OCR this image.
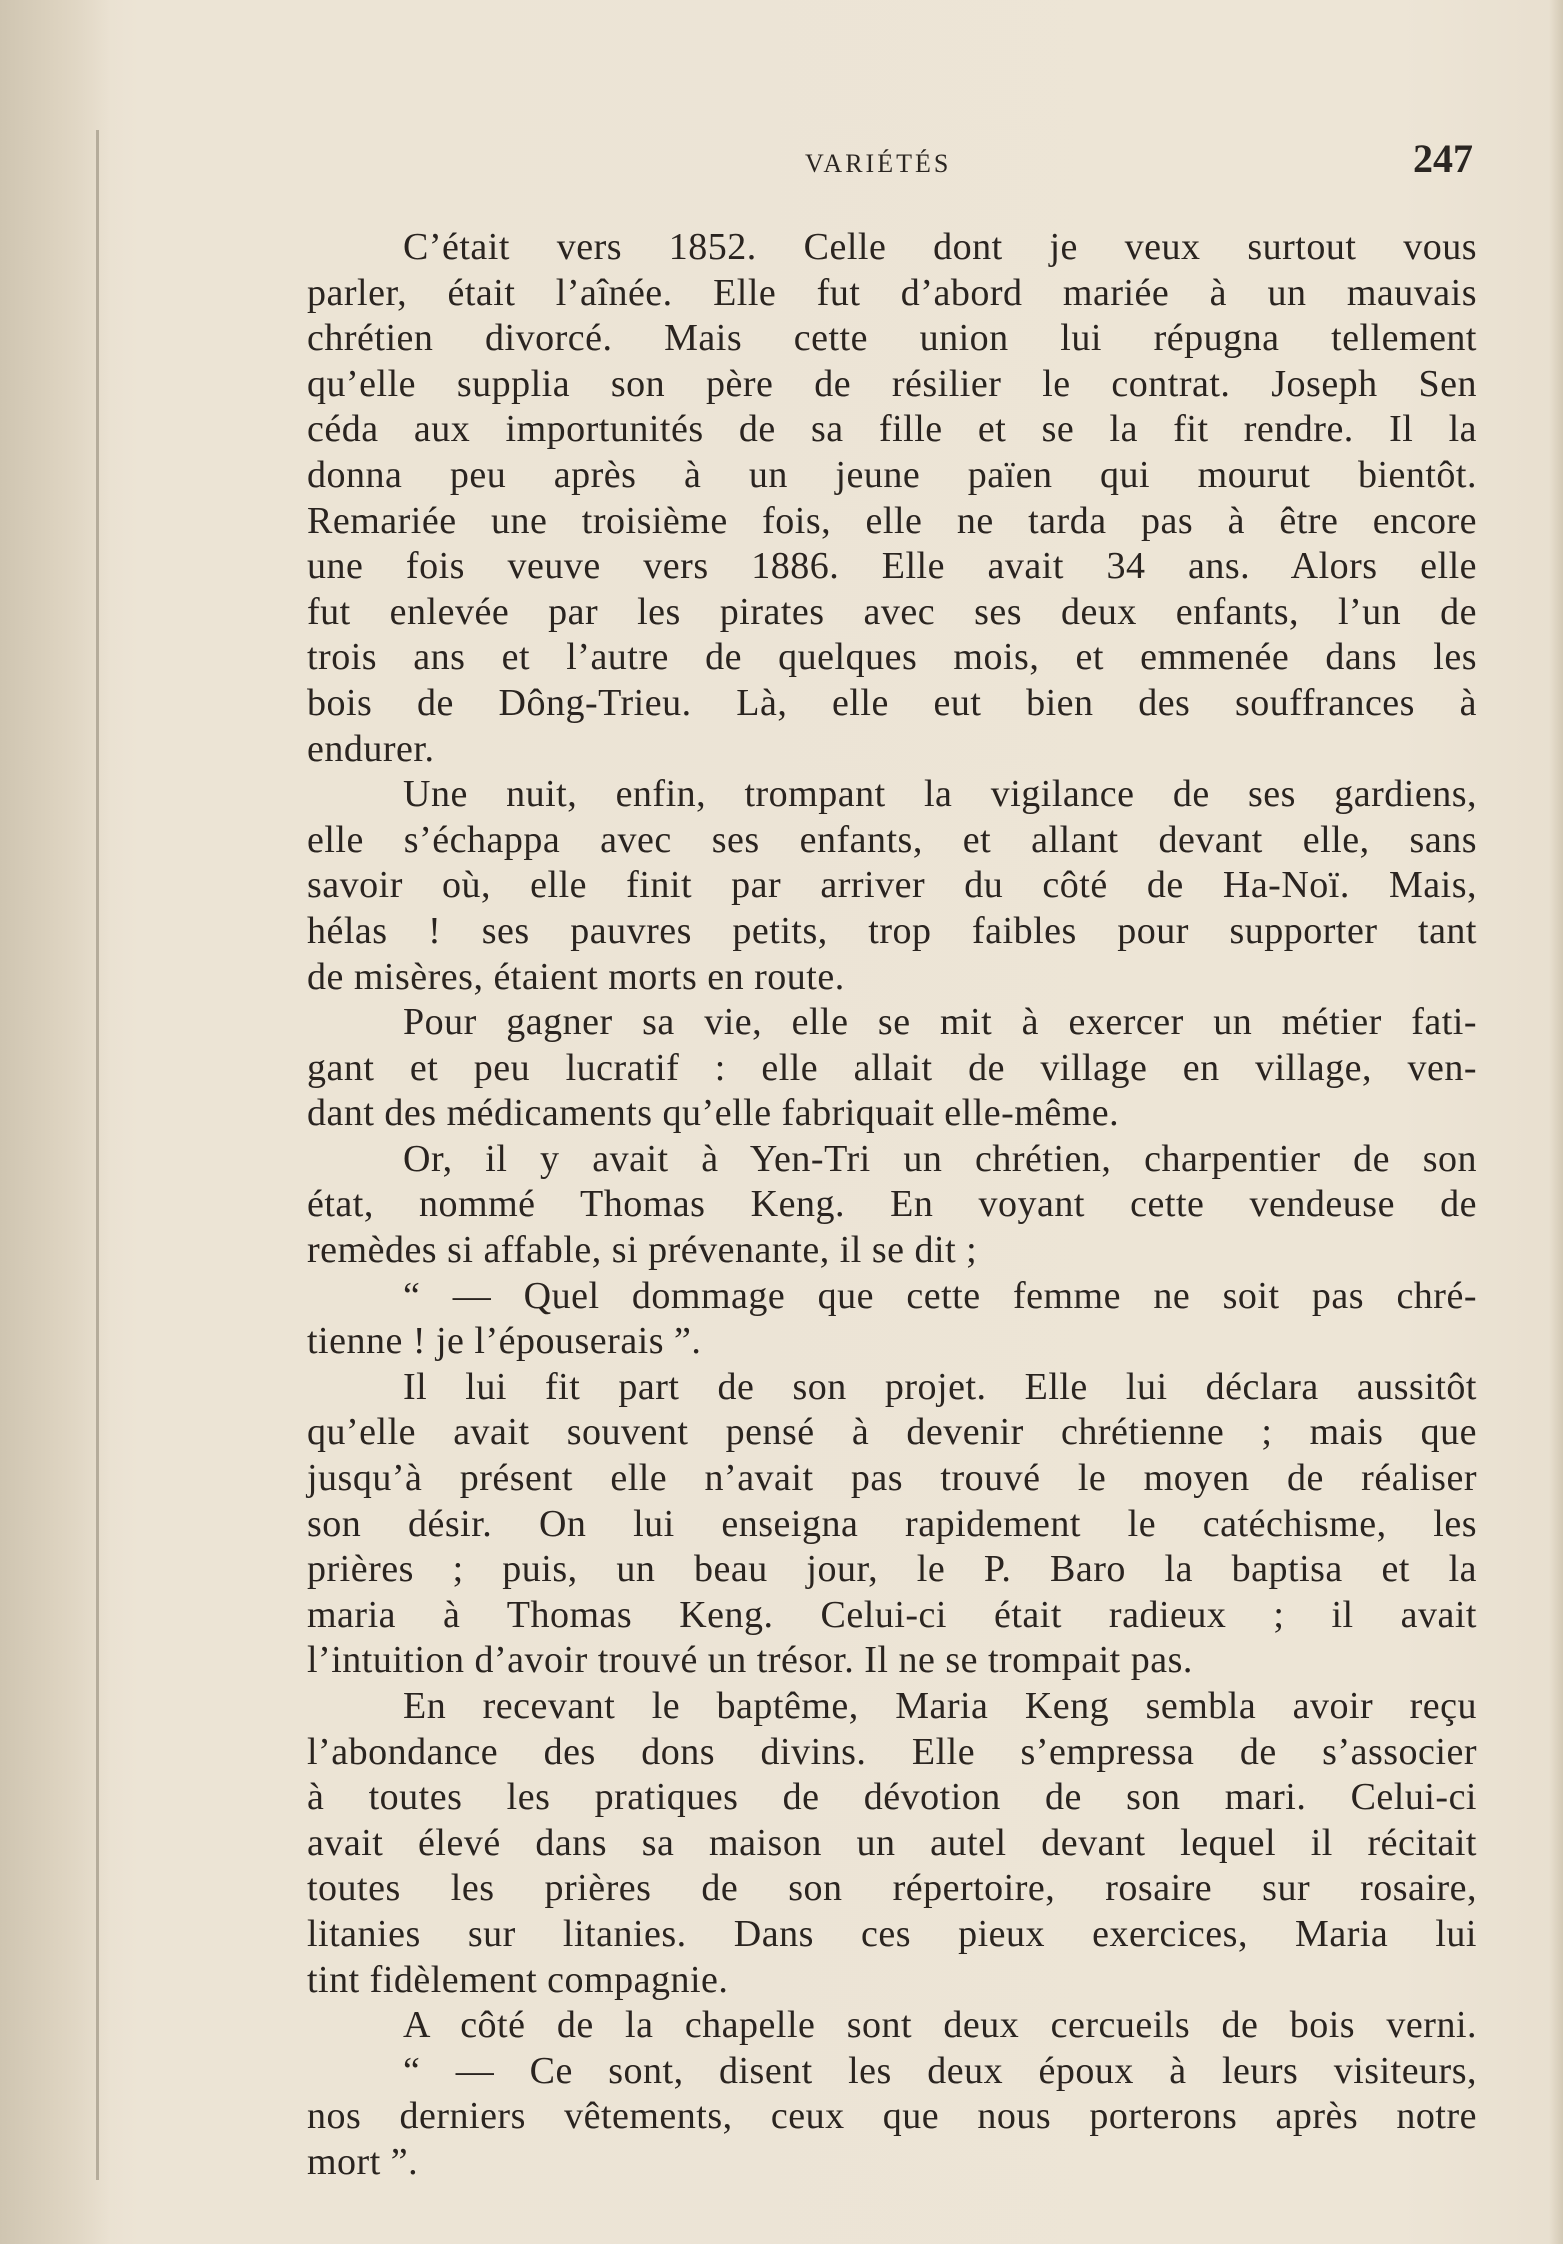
VARIÉTÉS	247
C’était vers 1852. Celle dont je veux surtout vous
parler, était l’aînée. Elle fut d’abord mariée à un mauvais
chrétien divorcé. Mais cette union lui répugna tellement
qu’elle supplia son père de résilier le contrat. Joseph Sen
céda aux importunités de sa fille et se la fit rendre. Il la
donna peu après à un jeune païen qui mourut bientôt.
Remariée une troisième fois, elle ne tarda pas à être encore
une fois veuve vers 1886. Elle avait 34 ans. Alors elle
fut enlevée par les pirates avec ses deux enfants, l’un de
trois ans et l’autre de quelques mois, et emmenée dans les
bois de Dông-Trieu. Là, elle eut bien des souffrances à
endurer.
Une nuit, enfin, trompant la vigilance de ses gardiens,
elle s’échappa avec ses enfants, et allant devant elle, sans
savoir où, elle finit par arriver du côté de Ha-Noï. Mais,
hélas ! ses pauvres petits, trop faibles pour supporter tant
de misères, étaient morts en route.
Pour gagner sa vie, elle se mit à exercer un métier fati-
gant et peu lucratif : elle allait de village en village, ven-
dant des médicaments qu’elle fabriquait elle-même.
Or, il y avait à Yen-Tri un chrétien, charpentier de son
état, nommé Thomas Keng. En voyant cette vendeuse de
remèdes si affable, si prévenante, il se dit ;
“ — Quel dommage que cette femme ne soit pas chré-
tienne ! je l’épouserais ”.
Il lui fit part de son projet. Elle lui déclara aussitôt
qu’elle avait souvent pensé à devenir chrétienne ; mais que
jusqu’à présent elle n’avait pas trouvé le moyen de réaliser
son désir. On lui enseigna rapidement le catéchisme, les
prières ; puis, un beau jour, le P. Baro la baptisa et la
maria à Thomas Keng. Celui-ci était radieux ; il avait
l’intuition d’avoir trouvé un trésor. Il ne se trompait pas.
En recevant le baptême, Maria Keng sembla avoir reçu
l’abondance des dons divins. Elle s’empressa de s’associer
à toutes les pratiques de dévotion de son mari. Celui-ci
avait élevé dans sa maison un autel devant lequel il récitait
toutes les prières de son répertoire, rosaire sur rosaire,
litanies sur litanies. Dans ces pieux exercices, Maria lui
tint fidèlement compagnie.
A côté de la chapelle sont deux cercueils de bois verni.
“ — Ce sont, disent les deux époux à leurs visiteurs,
nos derniers vêtements, ceux que nous porterons après notre
mort ”.
